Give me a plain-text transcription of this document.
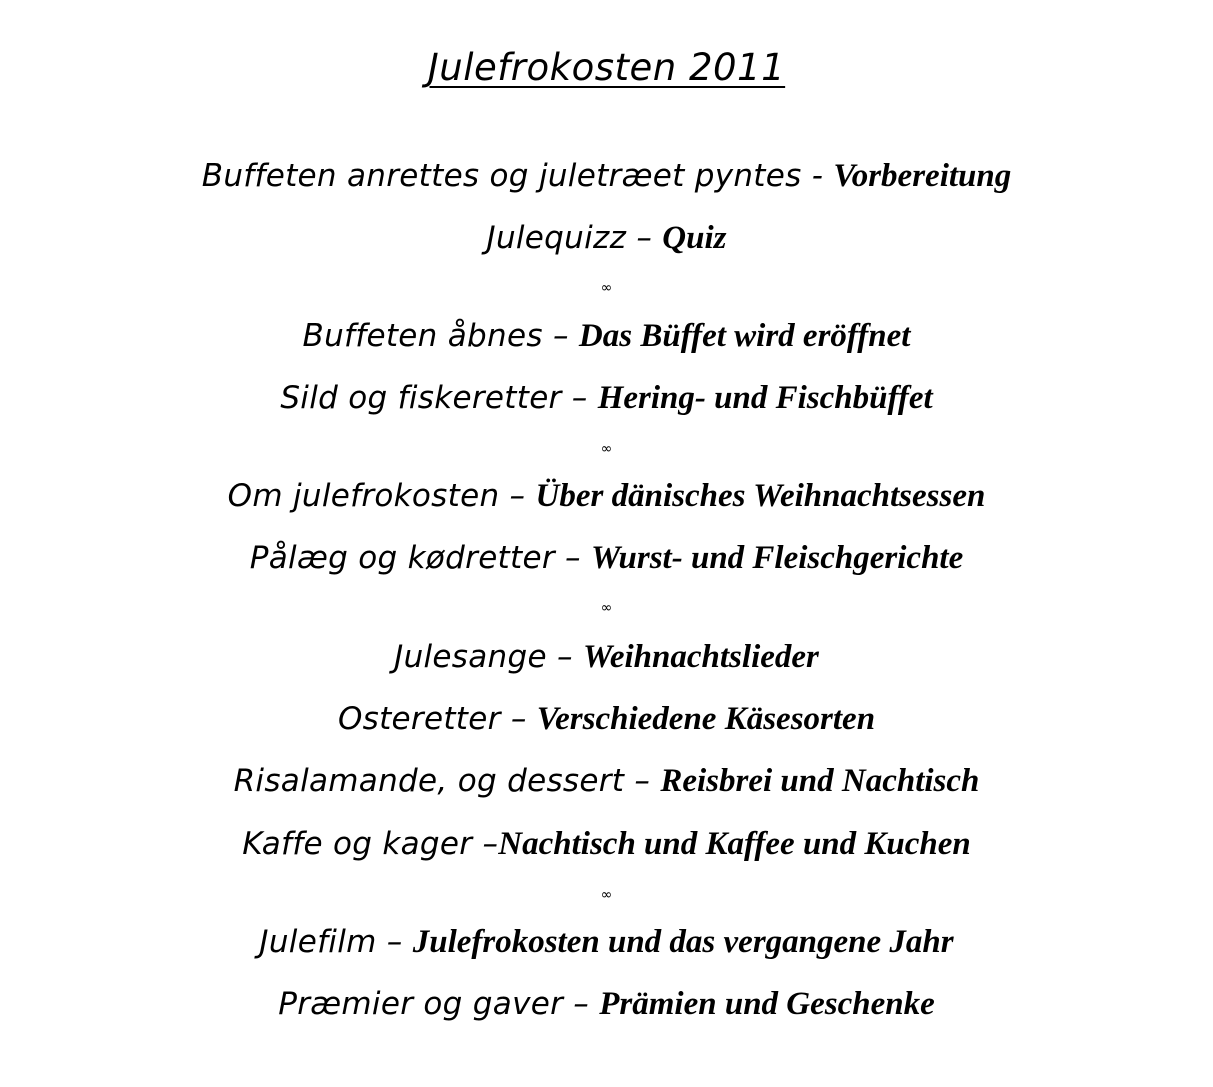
Julefrokosten 2011
Buffeten anrettes og juletræet pyntes - Vorbereitung
Julequizz – Quiz
∞
Buffeten åbnes – Das Büffet wird eröffnet
Sild og fiskeretter – Hering- und Fischbüffet
∞
Om julefrokosten – Über dänisches Weihnachtsessen
Pålæg og kødretter – Wurst- und Fleischgerichte
∞
Julesange – Weihnachtslieder
Osteretter – Verschiedene Käsesorten
Risalamande, og dessert – Reisbrei und Nachtisch
Kaffe og kager –Nachtisch und Kaffee und Kuchen
∞
Julefilm – Julefrokosten und das vergangene Jahr
Præmier og gaver – Prämien und Geschenke
